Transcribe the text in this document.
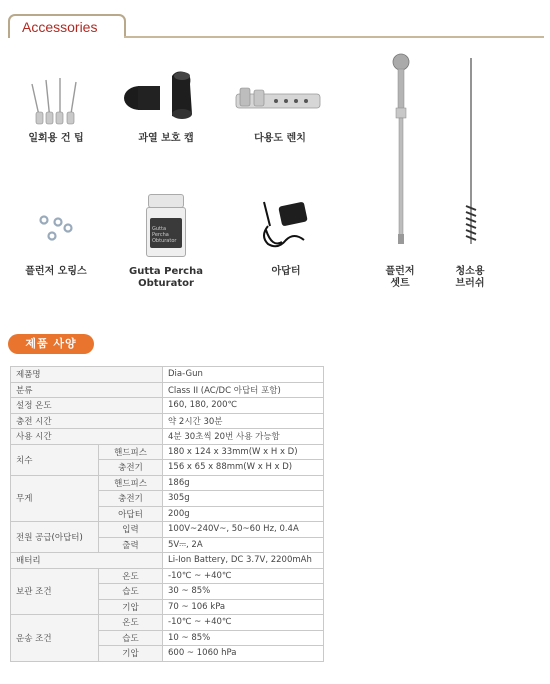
Accessories
일회용 건 팁	과열 보호 캡	다용도 렌치
플런저
셋트
청소용
브러쉬
플런저 오링스
Gutta Percha
Obturator
Gutta Percha
Obturator
아답터
제품 사양
제품명		Dia-Gun
분류		Class II (AC/DC 아답터 포함)
설정 온도		160, 180, 200℃
충전 시간		약 2시간 30분
사용 시간		4분 30초씩 20번 사용 가능함
치수	핸드피스	180 x 124 x 33mm(W x H x D)
	충전기	156 x 65 x 88mm(W x H x D)
무게	핸드피스	186g
	충전기	305g
	아답터	200g
전원 공급(아답터)	입력	100V~240V~, 50~60 Hz, 0.4A
	출력	5V⎓, 2A
배터리		Li-Ion Battery, DC 3.7V, 2200mAh
보관 조건	온도	-10℃ ~ +40℃
	습도	30 ~ 85%
	기압	70 ~ 106 kPa
운송 조건	온도	-10℃ ~ +40℃
	습도	10 ~ 85%
	기압	600 ~ 1060 hPa
